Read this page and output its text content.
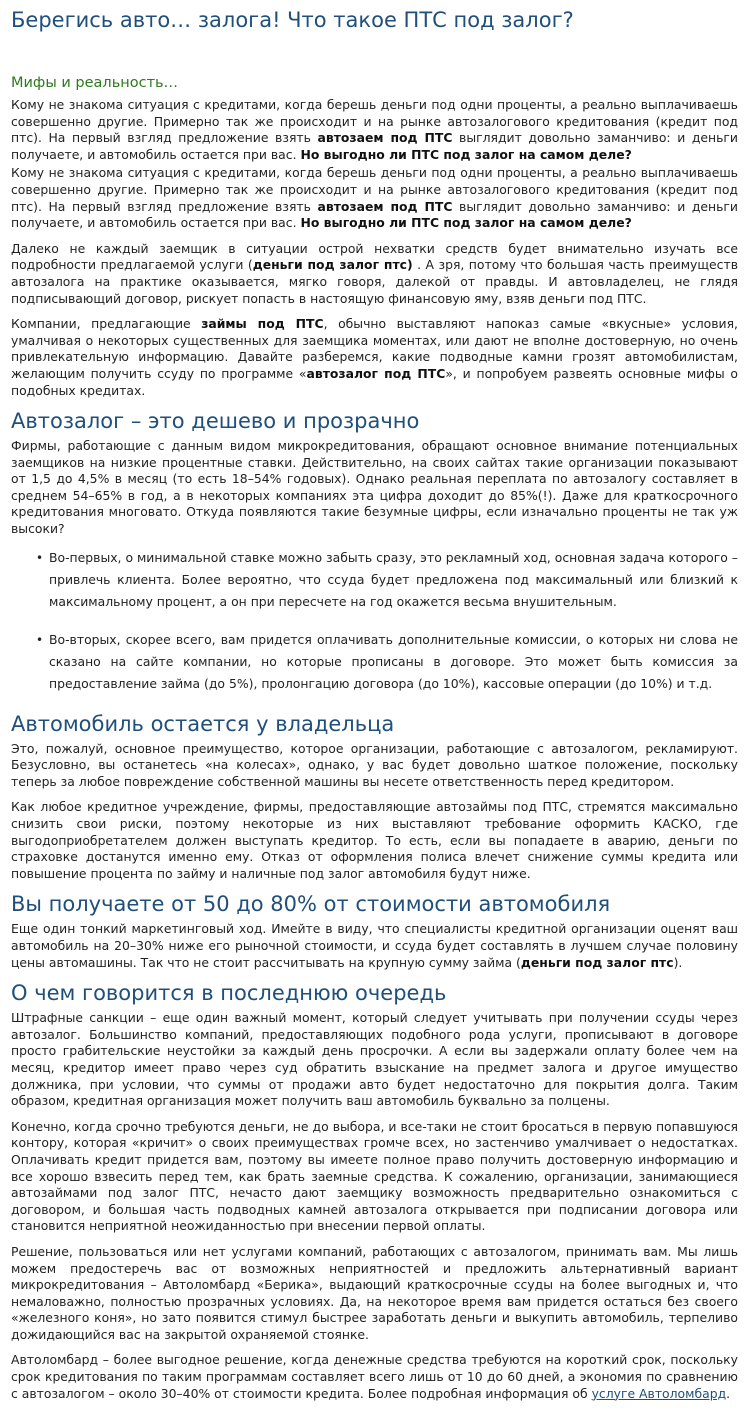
Берегись авто… залога! Что такое ПТС под залог?
Мифы и реальность…

Кому не знакома ситуация с кредитами, когда берешь деньги под одни проценты, а реально выплачиваешь совершенно другие. Примерно так же происходит и на рынке автозалогового кредитования (кредит под птс). На первый взгляд предложение взять автозаем под ПТС выглядит довольно заманчиво: и деньги получаете, и автомобиль остается при вас. Но выгодно ли ПТС под залог на самом деле?

Кому не знакома ситуация с кредитами, когда берешь деньги под одни проценты, а реально выплачиваешь совершенно другие. Примерно так же происходит и на рынке автозалогового кредитования (кредит под птс). На первый взгляд предложение взять автозаем под ПТС выглядит довольно заманчиво: и деньги получаете, и автомобиль остается при вас. Но выгодно ли ПТС под залог на самом деле?

Далеко не каждый заемщик в ситуации острой нехватки средств будет внимательно изучать все подробности предлагаемой услуги (деньги под залог птс) . А зря, потому что большая часть преимуществ автозалога на практике оказывается, мягко говоря, далекой от правды. И автовладелец, не глядя подписывающий договор, рискует попасть в настоящую финансовую яму, взяв деньги под ПТС.

Компании, предлагающие займы под ПТС, обычно выставляют напоказ самые «вкусные» условия, умалчивая о некоторых существенных для заемщика моментах, или дают не вполне достоверную, но очень привлекательную информацию. Давайте разберемся, какие подводные камни грозят автомобилистам, желающим получить ссуду по программе «автозалог под ПТС», и попробуем развеять основные мифы о подобных кредитах.

Автозалог – это дешево и прозрачно

Фирмы, работающие с данным видом микрокредитования, обращают основное внимание потенциальных заемщиков на низкие процентные ставки. Действительно, на своих сайтах такие организации показывают от 1,5 до 4,5% в месяц (то есть 18–54% годовых). Однако реальная переплата по автозалогу составляет в среднем 54–65% в год, а в некоторых компаниях эта цифра доходит до 85%(!). Даже для краткосрочного кредитования многовато. Откуда появляются такие безумные цифры, если изначально проценты не так уж высоки?

• Во-первых, о минимальной ставке можно забыть сразу, это рекламный ход, основная задача которого – привлечь клиента. Более вероятно, что ссуда будет предложена под максимальный или близкий к максимальному процент, а он при пересчете на год окажется весьма внушительным.
• Во-вторых, скорее всего, вам придется оплачивать дополнительные комиссии, о которых ни слова не сказано на сайте компании, но которые прописаны в договоре. Это может быть комиссия за предоставление займа (до 5%), пролонгацию договора (до 10%), кассовые операции (до 10%) и т.д.
Автомобиль остается у владельца

Это, пожалуй, основное преимущество, которое организации, работающие с автозалогом, рекламируют. Безусловно, вы останетесь «на колесах», однако, у вас будет довольно шаткое положение, поскольку теперь за любое повреждение собственной машины вы несете ответственность перед кредитором.

Как любое кредитное учреждение, фирмы, предоставляющие автозаймы под ПТС, стремятся максимально снизить свои риски, поэтому некоторые из них выставляют требование оформить КАСКО, где выгодоприобретателем должен выступать кредитор. То есть, если вы попадаете в аварию, деньги по страховке достанутся именно ему. Отказ от оформления полиса влечет снижение суммы кредита или повышение процента по займу и наличные под залог автомобиля будут ниже.

Вы получаете от 50 до 80% от стоимости автомобиля

Еще один тонкий маркетинговый ход. Имейте в виду, что специалисты кредитной организации оценят ваш автомобиль на 20–30% ниже его рыночной стоимости, и ссуда будет составлять в лучшем случае половину цены автомашины. Так что не стоит рассчитывать на крупную сумму займа (деньги под залог птс).

О чем говорится в последнюю очередь

Штрафные санкции – еще один важный момент, который следует учитывать при получении ссуды через автозалог. Большинство компаний, предоставляющих подобного рода услуги, прописывают в договоре просто грабительские неустойки за каждый день просрочки. А если вы задержали оплату более чем на месяц, кредитор имеет право через суд обратить взыскание на предмет залога и другое имущество должника, при условии, что суммы от продажи авто будет недостаточно для покрытия долга. Таким образом, кредитная организация может получить ваш автомобиль буквально за полцены.

Конечно, когда срочно требуются деньги, не до выбора, и все-таки не стоит бросаться в первую попавшуюся контору, которая «кричит» о своих преимуществах громче всех, но застенчиво умалчивает о недостатках. Оплачивать кредит придется вам, поэтому вы имеете полное право получить достоверную информацию и все хорошо взвесить перед тем, как брать заемные средства. К сожалению, организации, занимающиеся автозаймами под залог ПТС, нечасто дают заемщику возможность предварительно ознакомиться с договором, и большая часть подводных камней автозалога открывается при подписании договора или становится неприятной неожиданностью при внесении первой оплаты.

Решение, пользоваться или нет услугами компаний, работающих с автозалогом, принимать вам. Мы лишь можем предостеречь вас от возможных неприятностей и предложить альтернативный вариант микрокредитования – Автоломбард «Берика», выдающий краткосрочные ссуды на более выгодных и, что немаловажно, полностью прозрачных условиях. Да, на некоторое время вам придется остаться без своего «железного коня», но зато появится стимул быстрее заработать деньги и выкупить автомобиль, терпеливо дожидающийся вас на закрытой охраняемой стоянке.

Автоломбард – более выгодное решение, когда денежные средства требуются на короткий срок, поскольку срок кредитования по таким программам составляет всего лишь от 10 до 60 дней, а экономия по сравнению с автозалогом – около 30–40% от стоимости кредита. Более подробная информация об услуге Автоломбард.
